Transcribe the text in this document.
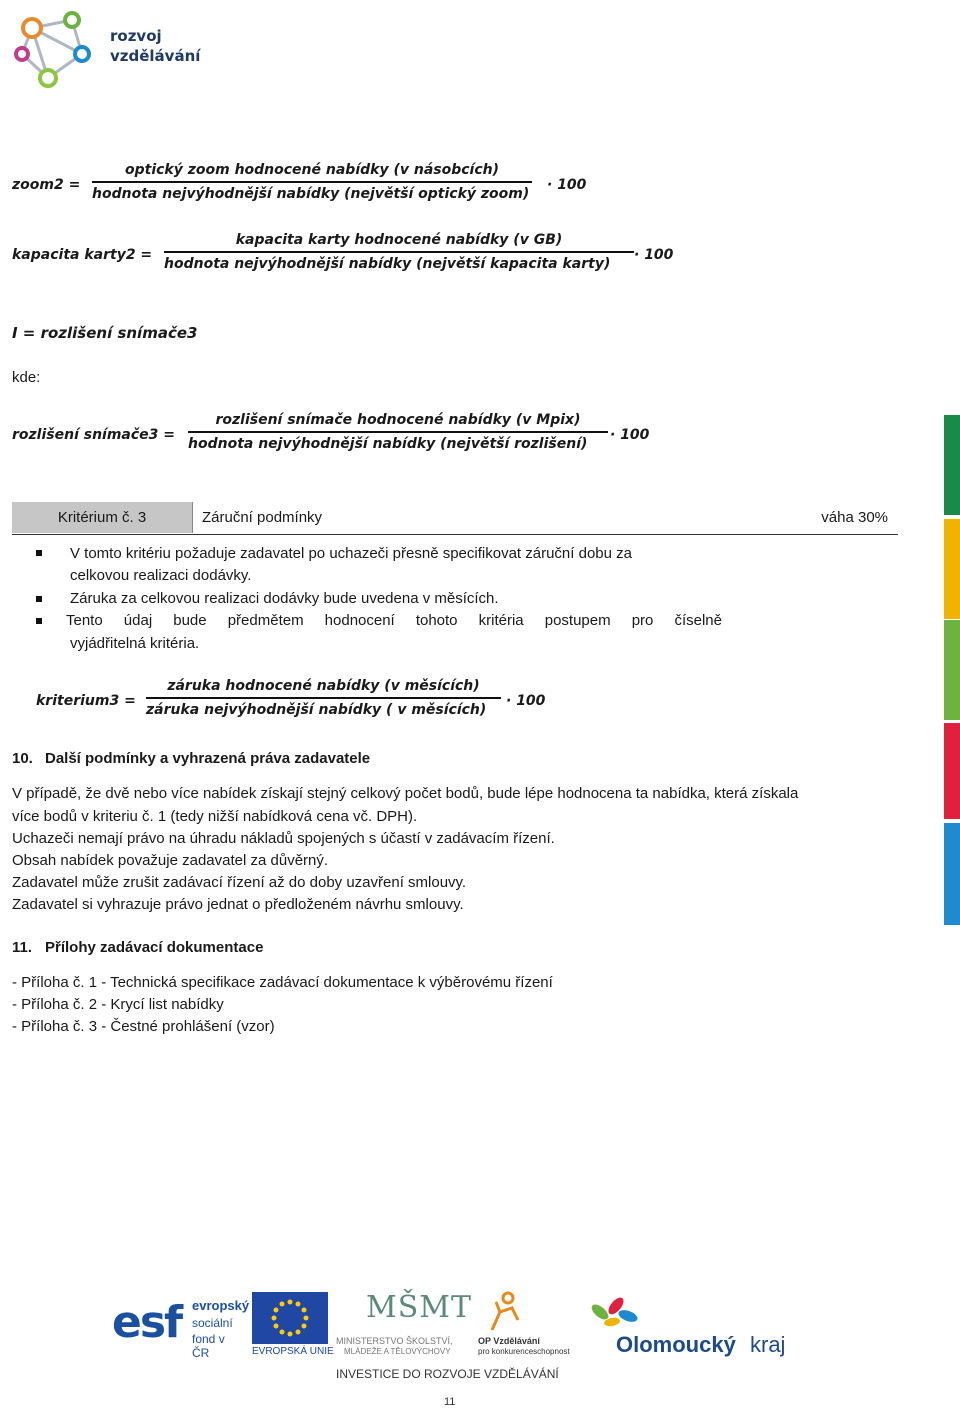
rozvoj
vzdělávání
zoom2 =
optický zoom hodnocené nabídky (v násobcích)
hodnota nejvýhodnější nabídky (největší optický zoom)
· 100
kapacita karty2 =
kapacita karty hodnocené nabídky (v GB)
hodnota nejvýhodnější nabídky (největší kapacita karty)
· 100
I = rozlišení snímače3
kde:
rozlišení snímače3 =
rozlišení snímače hodnocené nabídky (v Mpix)
hodnota nejvýhodnější nabídky (největší rozlišení)
· 100
Kritérium č. 3	Záruční podmínky	váha 30%
V tomto kritériu požaduje zadavatel po uchazeči přesně specifikovat záruční dobu za
celkovou realizaci dodávky.
Záruka za celkovou realizaci dodávky bude uvedena v měsících.
Tento údaj bude předmětem hodnocení tohoto kritéria postupem pro číselně
vyjádřitelná kritéria.
kriterium3 =
záruka hodnocené nabídky (v měsících)
záruka nejvýhodnější nabídky ( v měsících)
· 100
10. Další podmínky a vyhrazená práva zadavatele
V případě, že dvě nebo více nabídek získají stejný celkový počet bodů, bude lépe hodnocena ta nabídka, která získala
více bodů v kriteriu č. 1 (tedy nižší nabídková cena vč. DPH).
Uchazeči nemají právo na úhradu nákladů spojených s účastí v zadávacím řízení.
Obsah nabídek považuje zadavatel za důvěrný.
Zadavatel může zrušit zadávací řízení až do doby uzavření smlouvy.
Zadavatel si vyhrazuje právo jednat o předloženém návrhu smlouvy.
11. Přílohy zadávací dokumentace
- Příloha č. 1 - Technická specifikace zadávací dokumentace k výběrovému řízení
- Příloha č. 2 - Krycí list nabídky
- Příloha č. 3 - Čestné prohlášení (vzor)
esf evropský
sociální
fond v ČR	EVROPSKÁ UNIE
MŠMT
MINISTERSTVO ŠKOLSTVÍ,
MLÁDEŽE A TĚLOVÝCHOVY
OP Vzdělávání
pro konkurenceschopnost Olomoucký kraj
INVESTICE DO ROZVOJE VZDĚLÁVÁNÍ
11
